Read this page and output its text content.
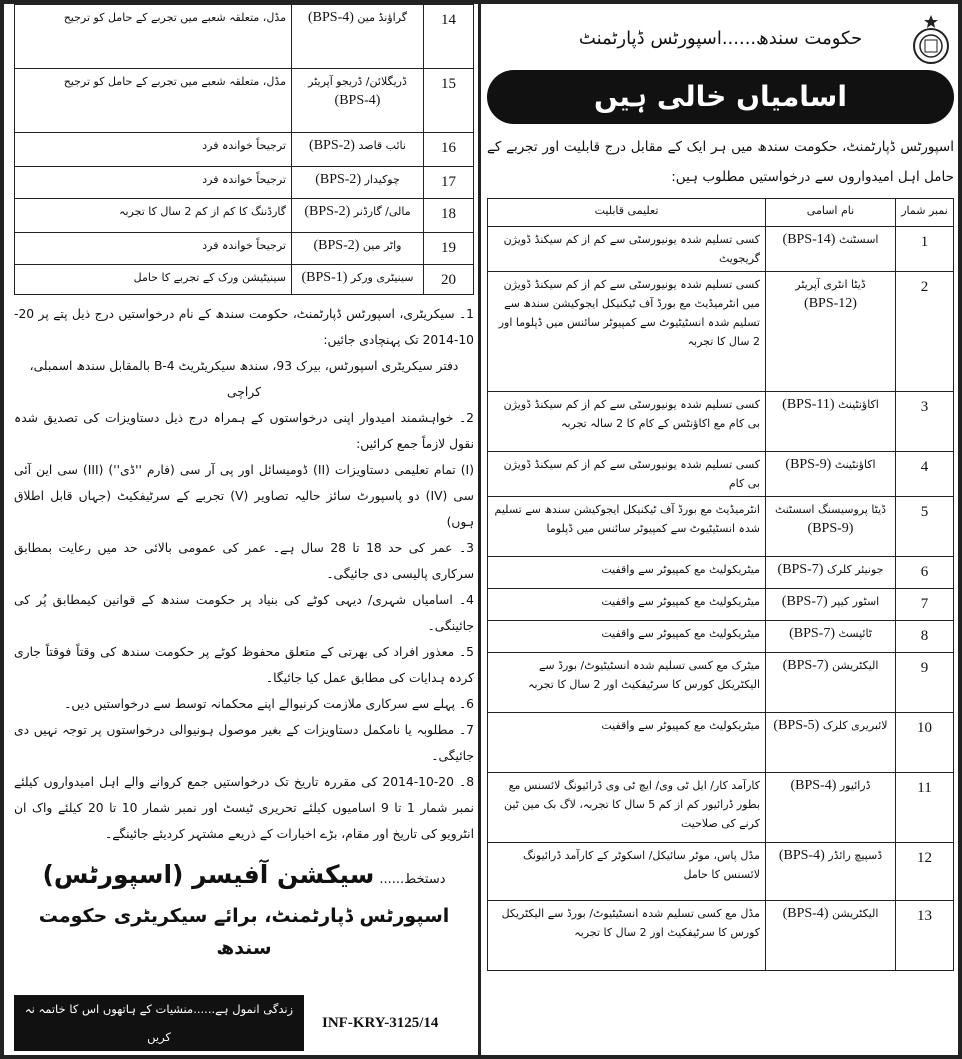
14	گراؤنڈ مین (BPS-4)	مڈل، متعلقہ شعبے میں تجربے کے حامل کو ترجیح
15	ڈریگلائن/ ڈریجو آپریٹر (BPS-4)	مڈل، متعلقہ شعبے میں تجربے کے حامل کو ترجیح
16	نائب قاصد (BPS-2)	ترجیحاً خواندہ فرد
17	چوکیدار (BPS-2)	ترجیحاً خواندہ فرد
18	مالی/ گارڈنر (BPS-2)	گارڈننگ کا کم از کم 2 سال کا تجربہ
19	واٹر مین (BPS-2)	ترجیحاً خواندہ فرد
20	سینیٹری ورکر (BPS-1)	سینیٹیشن ورک کے تجربے کا حامل

1۔ سیکریٹری، اسپورٹس ڈپارٹمنٹ، حکومت سندھ کے نام درخواستیں درج ذیل پتے پر 20-10-2014 تک پہنچادی جائیں:

دفتر سیکریٹری اسپورٹس، بیرک 93، سندھ سیکریٹریٹ B-4 بالمقابل سندھ اسمبلی، کراچی

2۔ خواہشمند امیدوار اپنی درخواستوں کے ہمراہ درج ذیل دستاویزات کی تصدیق شدہ نقول لازماً جمع کرائیں:

(I) تمام تعلیمی دستاویزات (II) ڈومیسائل اور پی آر سی (فارم ''ڈی'') (III) سی این آئی سی (IV) دو پاسپورٹ سائز حالیہ تصاویر (V) تجربے کے سرٹیفکیٹ (جہاں قابل اطلاق ہوں)

3۔ عمر کی حد 18 تا 28 سال ہے۔ عمر کی عمومی بالائی حد میں رعایت بمطابق سرکاری پالیسی دی جائیگی۔

4۔ اسامیاں شہری/ دیہی کوٹے کی بنیاد پر حکومت سندھ کے قوانین کیمطابق پُر کی جائینگی۔

5۔ معذور افراد کی بھرتی کے متعلق محفوظ کوٹے پر حکومت سندھ کی وقتاً فوقتاً جاری کردہ ہدایات کی مطابق عمل کیا جائیگا۔

6۔ پہلے سے سرکاری ملازمت کرنیوالے اپنے محکمانہ توسط سے درخواستیں دیں۔

7۔ مطلوبہ یا نامکمل دستاویزات کے بغیر موصول ہونیوالی درخواستوں پر توجہ نہیں دی جائیگی۔

8۔ 20-10-2014 کی مقررہ تاریخ تک درخواستیں جمع کروانے والے اہل امیدواروں کیلئے نمبر شمار 1 تا 9 اسامیوں کیلئے تحریری ٹیسٹ اور نمبر شمار 10 تا 20 کیلئے واک ان انٹرویو کی تاریخ اور مقام، بڑے اخبارات کے ذریعے مشتہر کردیئے جائینگے۔

دستخط...... سیکشن آفیسر (اسپورٹس)
اسپورٹس ڈپارٹمنٹ، برائے سیکریٹری حکومت سندھ
زندگی انمول ہے......منشیات کے ہاتھوں اس کا خاتمہ نہ کریں
INF-KRY-3125/14
حکومت سندھ......اسپورٹس ڈپارٹمنٹ
اسامیاں خالی ہیں
اسپورٹس ڈپارٹمنٹ، حکومت سندھ میں ہر ایک کے مقابل درج قابلیت اور تجربے کے حامل اہل امیدواروں سے درخواستیں مطلوب ہیں:
نمبر شمار	نام اسامی	تعلیمی قابلیت
1	اسسٹنٹ (BPS-14)	کسی تسلیم شدہ یونیورسٹی سے کم از کم سیکنڈ ڈویژن گریجویٹ
2	ڈیٹا انٹری آپریٹر (BPS-12)	کسی تسلیم شدہ یونیورسٹی سے کم از کم سیکنڈ ڈویژن میں انٹرمیڈیٹ مع بورڈ آف ٹیکنیکل ایجوکیشن سندھ سے تسلیم شدہ انسٹیٹیوٹ سے کمپیوٹر سائنس میں ڈپلوما اور 2 سال کا تجربہ
3	اکاؤنٹینٹ (BPS-11)	کسی تسلیم شدہ یونیورسٹی سے کم از کم سیکنڈ ڈویژن بی کام مع اکاؤنٹس کے کام کا 2 سالہ تجربہ
4	اکاؤنٹینٹ (BPS-9)	کسی تسلیم شدہ یونیورسٹی سے کم از کم سیکنڈ ڈویژن بی کام
5	ڈیٹا پروسیسنگ اسسٹنٹ (BPS-9)	انٹرمیڈیٹ مع بورڈ آف ٹیکنیکل ایجوکیشن سندھ سے تسلیم شدہ انسٹیٹیوٹ سے کمپیوٹر سائنس میں ڈپلوما
6	جونیئر کلرک (BPS-7)	میٹریکولیٹ مع کمپیوٹر سے واقفیت
7	اسٹور کیپر (BPS-7)	میٹریکولیٹ مع کمپیوٹر سے واقفیت
8	ٹائپسٹ (BPS-7)	میٹریکولیٹ مع کمپیوٹر سے واقفیت
9	الیکٹریشن (BPS-7)	میٹرک مع کسی تسلیم شدہ انسٹیٹیوٹ/ بورڈ سے الیکٹریکل کورس کا سرٹیفکیٹ اور 2 سال کا تجربہ
10	لائبریری کلرک (BPS-5)	میٹریکولیٹ مع کمپیوٹر سے واقفیت
11	ڈرائیور (BPS-4)	کارآمد کار/ ایل ٹی وی/ ایچ ٹی وی ڈرائیونگ لائسنس مع بطور ڈرائیور کم از کم 5 سال کا تجربہ، لاگ بک مین ٹین کرنے کی صلاحیت
12	ڈسپیچ رائڈر (BPS-4)	مڈل پاس، موٹر سائیکل/ اسکوٹر کے کارآمد ڈرائیونگ لائسنس کا حامل
13	الیکٹریشن (BPS-4)	مڈل مع کسی تسلیم شدہ انسٹیٹیوٹ/ بورڈ سے الیکٹریکل کورس کا سرٹیفکیٹ اور 2 سال کا تجربہ
